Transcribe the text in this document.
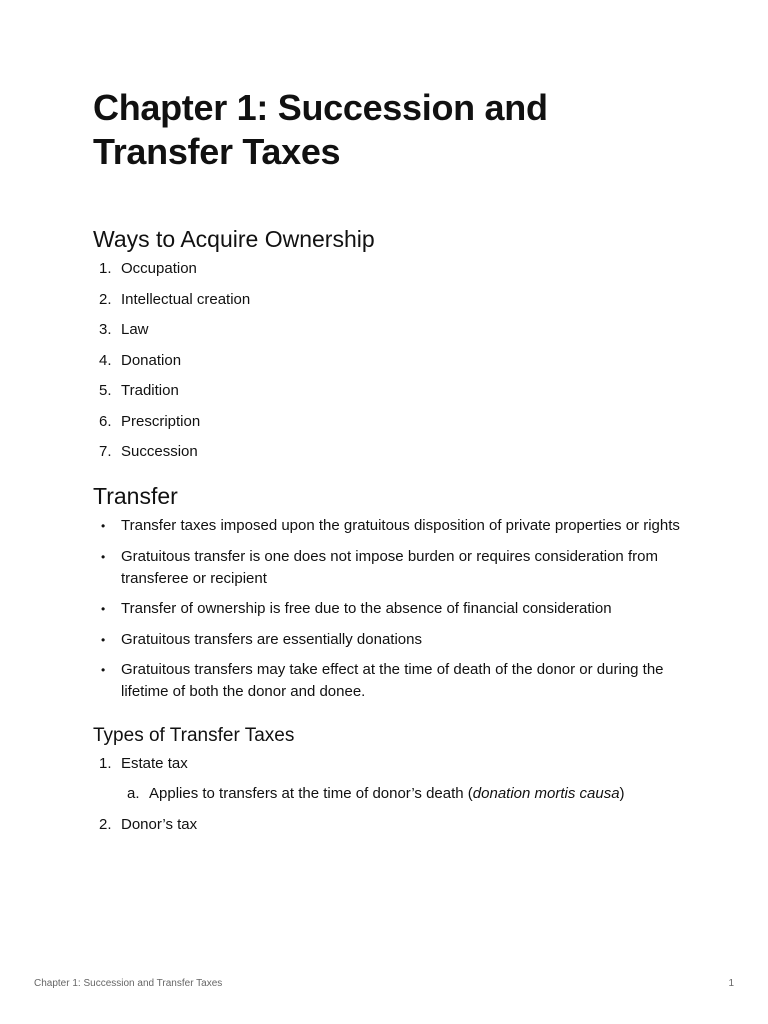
Chapter 1: Succession and Transfer Taxes
Ways to Acquire Ownership
1. Occupation
2. Intellectual creation
3. Law
4. Donation
5. Tradition
6. Prescription
7. Succession
Transfer
• Transfer taxes imposed upon the gratuitous disposition of private properties or rights
• Gratuitous transfer is one does not impose burden or requires consideration from transferee or recipient
• Transfer of ownership is free due to the absence of financial consideration
• Gratuitous transfers are essentially donations
• Gratuitous transfers may take effect at the time of death of the donor or during the lifetime of both the donor and donee.
Types of Transfer Taxes
1. Estate tax
a. Applies to transfers at the time of donor’s death (donation mortis causa)
2. Donor’s tax
Chapter 1: Succession and Transfer Taxes	1
